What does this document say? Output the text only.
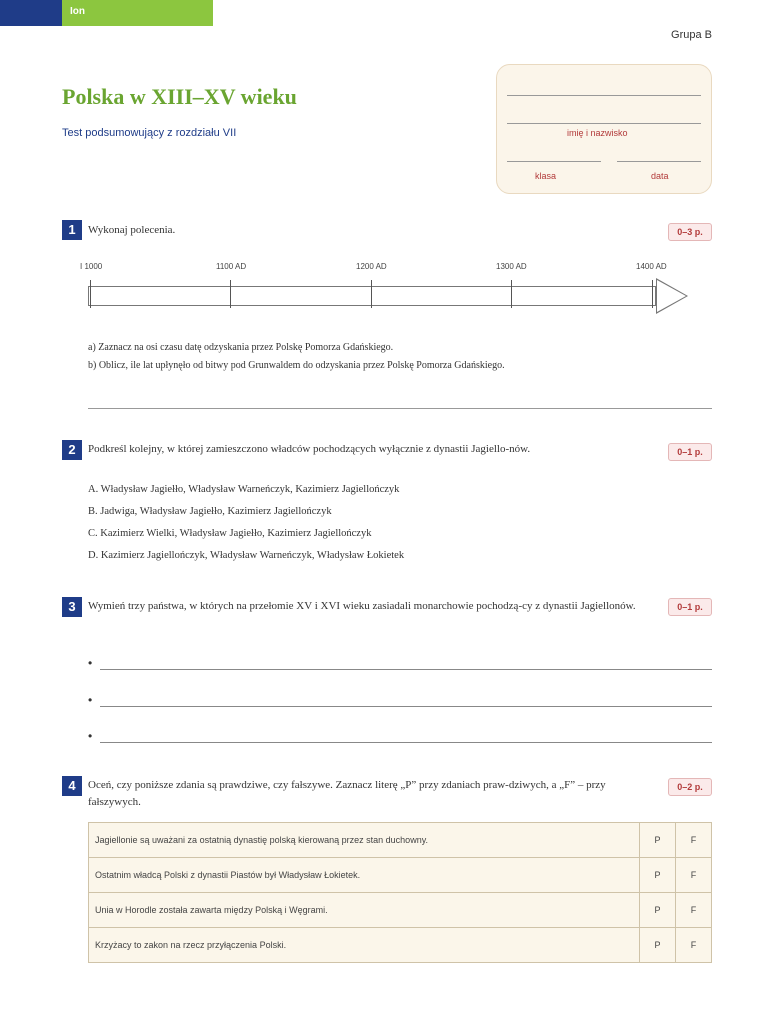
Ion
Grupa B
Polska w XIII–XV wieku
Test podsumowujący z rozdziału VII	imię i nazwisko
klasa	data
1	Wykonaj polecenia.	0–3 p.
I 1000	1100 AD	1200 AD	1300 AD	1400 AD
a) Zaznacz na osi czasu datę odzyskania przez Polskę Pomorza Gdańskiego.
b) Oblicz, ile lat upłynęło od bitwy pod Grunwaldem do odzyskania przez Polskę Pomorza Gdańskiego.
2	Podkreśl kolejny, w której zamieszczono władców pochodzących wyłącznie z dynastii Jagiello-nów.	0–1 p.
A. Władysław Jagiełło, Władysław Warneńczyk, Kazimierz Jagiellończyk
B. Jadwiga, Władysław Jagiełło, Kazimierz Jagiellończyk
C. Kazimierz Wielki, Władysław Jagiełło, Kazimierz Jagiellończyk
D. Kazimierz Jagiellończyk, Władysław Warneńczyk, Władysław Łokietek
3	Wymień trzy państwa, w których na przełomie XV i XVI wieku zasiadali monarchowie pochodzą-cy z dynastii Jagiellonów.	0–1 p.
•
•
•
4	Oceń, czy poniższe zdania są prawdziwe, czy fałszywe. Zaznacz literę „P” przy zdaniach praw-dziwych, a „F” – przy fałszywych.
0–2 p.
Jagiellonie są uważani za ostatnią dynastię polską kierowaną przez stan duchowny.	P	F
Ostatnim władcą Polski z dynastii Piastów był Władysław Łokietek.	P	F
Unia w Horodle została zawarta między Polską i Węgrami.	P	F
Krzyżacy to zakon na rzecz przyłączenia Polski.	P	F
